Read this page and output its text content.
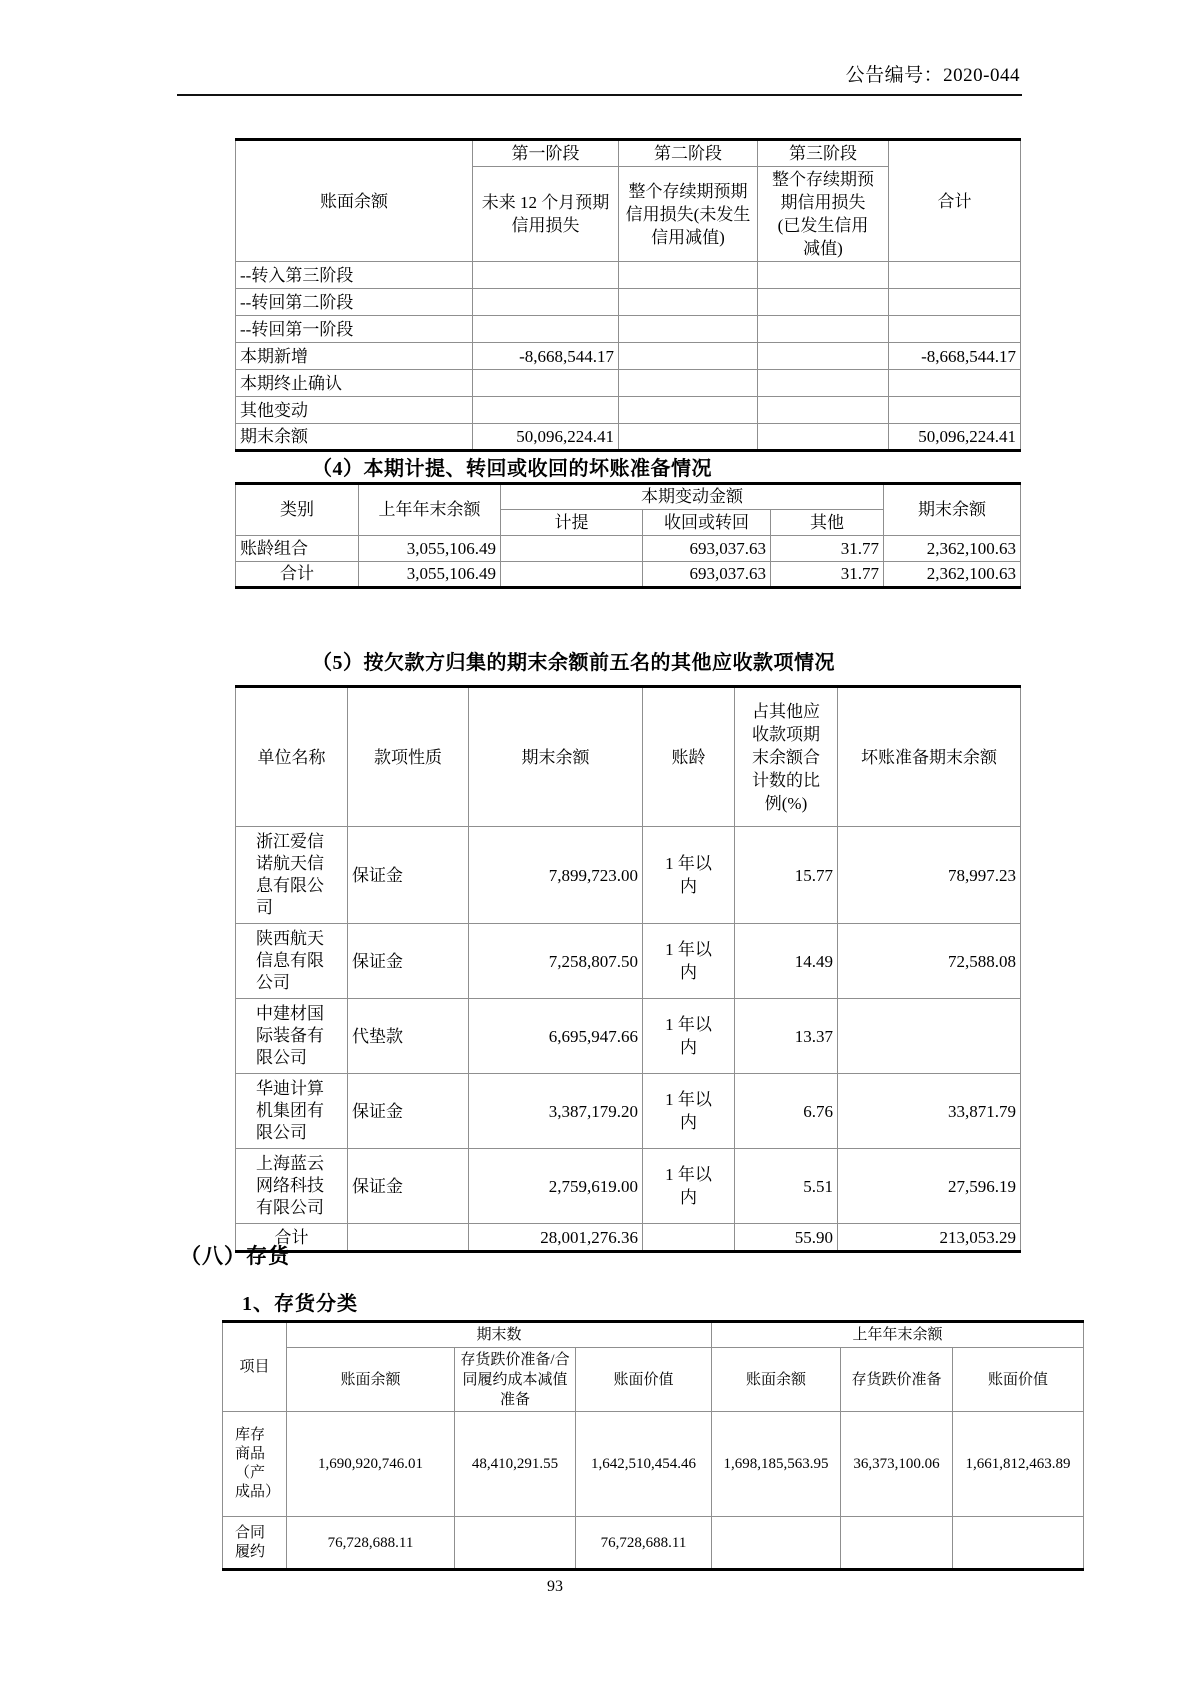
公告编号：2020-044
账面余额	第一阶段	第二阶段	第三阶段	合计
	未来 12 个月预期信用损失	整个存续期预期信用损失(未发生信用减值)	整个存续期预期信用损失(已发生信用减值)	
--转入第三阶段				
--转回第二阶段				
--转回第一阶段				
本期新增	-8,668,544.17			-8,668,544.17
本期终止确认				
其他变动				
期末余额	50,096,224.41			50,096,224.41
（4）本期计提、转回或收回的坏账准备情况
类别	上年年末余额	本期变动金额			期末余额
		计提	收回或转回	其他	
账龄组合	3,055,106.49		693,037.63	31.77	2,362,100.63
合计	3,055,106.49		693,037.63	31.77	2,362,100.63
（5）按欠款方归集的期末余额前五名的其他应收款项情况
单位名称	款项性质	期末余额	账龄	占其他应收款项期末余额合计数的比例(%)	坏账准备期末余额
浙江爱信诺航天信息有限公司	保证金	7,899,723.00	1 年以内	15.77	78,997.23
陕西航天信息有限公司	保证金	7,258,807.50	1 年以内	14.49	72,588.08
中建材国际装备有限公司	代垫款	6,695,947.66	1 年以内	13.37	
华迪计算机集团有限公司	保证金	3,387,179.20	1 年以内	6.76	33,871.79
上海蓝云网络科技有限公司	保证金	2,759,619.00	1 年以内	5.51	27,596.19
合计		28,001,276.36		55.90	213,053.29
（八）存货
1、存货分类
项目	期末数			上年年末余额		
	账面余额	存货跌价准备/合同履约成本减值准备	账面价值	账面余额	存货跌价准备	账面价值
库存商品（产成品）	1,690,920,746.01	48,410,291.55	1,642,510,454.46	1,698,185,563.95	36,373,100.06	1,661,812,463.89
合同履约	76,728,688.11		76,728,688.11			
93
